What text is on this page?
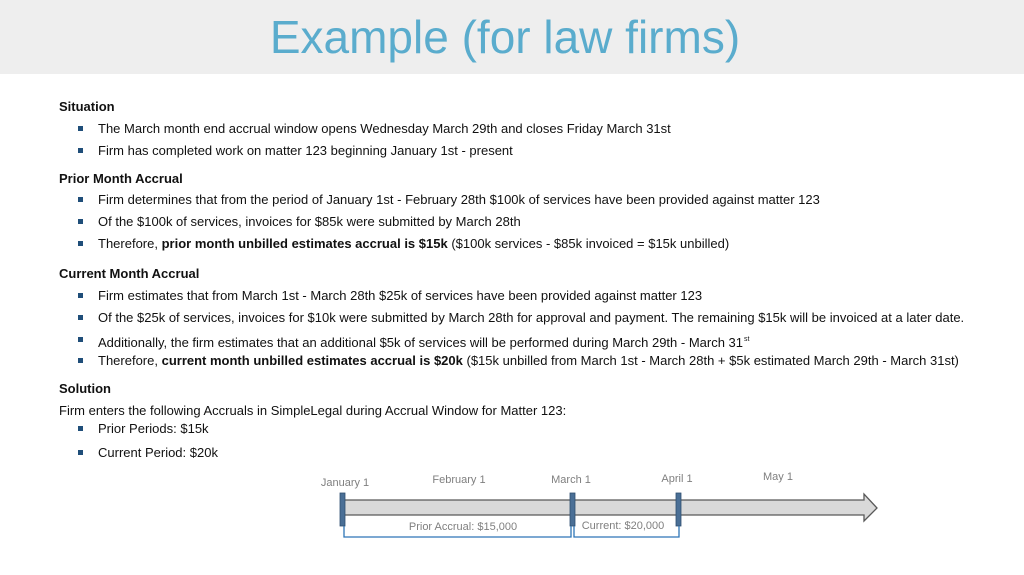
Example (for law firms)
Situation
The March month end accrual window opens Wednesday March 29th and closes Friday March 31st
Firm has completed work on matter 123 beginning January 1st - present
Prior Month Accrual
Firm determines that from the period of January 1st - February 28th $100k of services have been provided against matter 123
Of the $100k of services, invoices for $85k were submitted by March 28th
Therefore, prior month unbilled estimates accrual is $15k ($100k services - $85k invoiced = $15k unbilled)
Current Month Accrual
Firm estimates that from March 1st - March 28th $25k of services have been provided against matter 123
Of the $25k of services, invoices for $10k were submitted by March 28th for approval and payment. The remaining $15k will be invoiced at a later date.
Additionally, the firm estimates that an additional $5k of services will be performed during March 29th - March 31st
Therefore, current month unbilled estimates accrual is $20k ($15k unbilled from March 1st - March 28th + $5k estimated March 29th - March 31st)
Solution
Firm enters the following Accruals in SimpleLegal during Accrual Window for Matter 123:
Prior Periods: $15k
Current Period: $20k
January 1	February 1	March 1	April 1	May 1
Prior Accrual: $15,000	Current: $20,000
